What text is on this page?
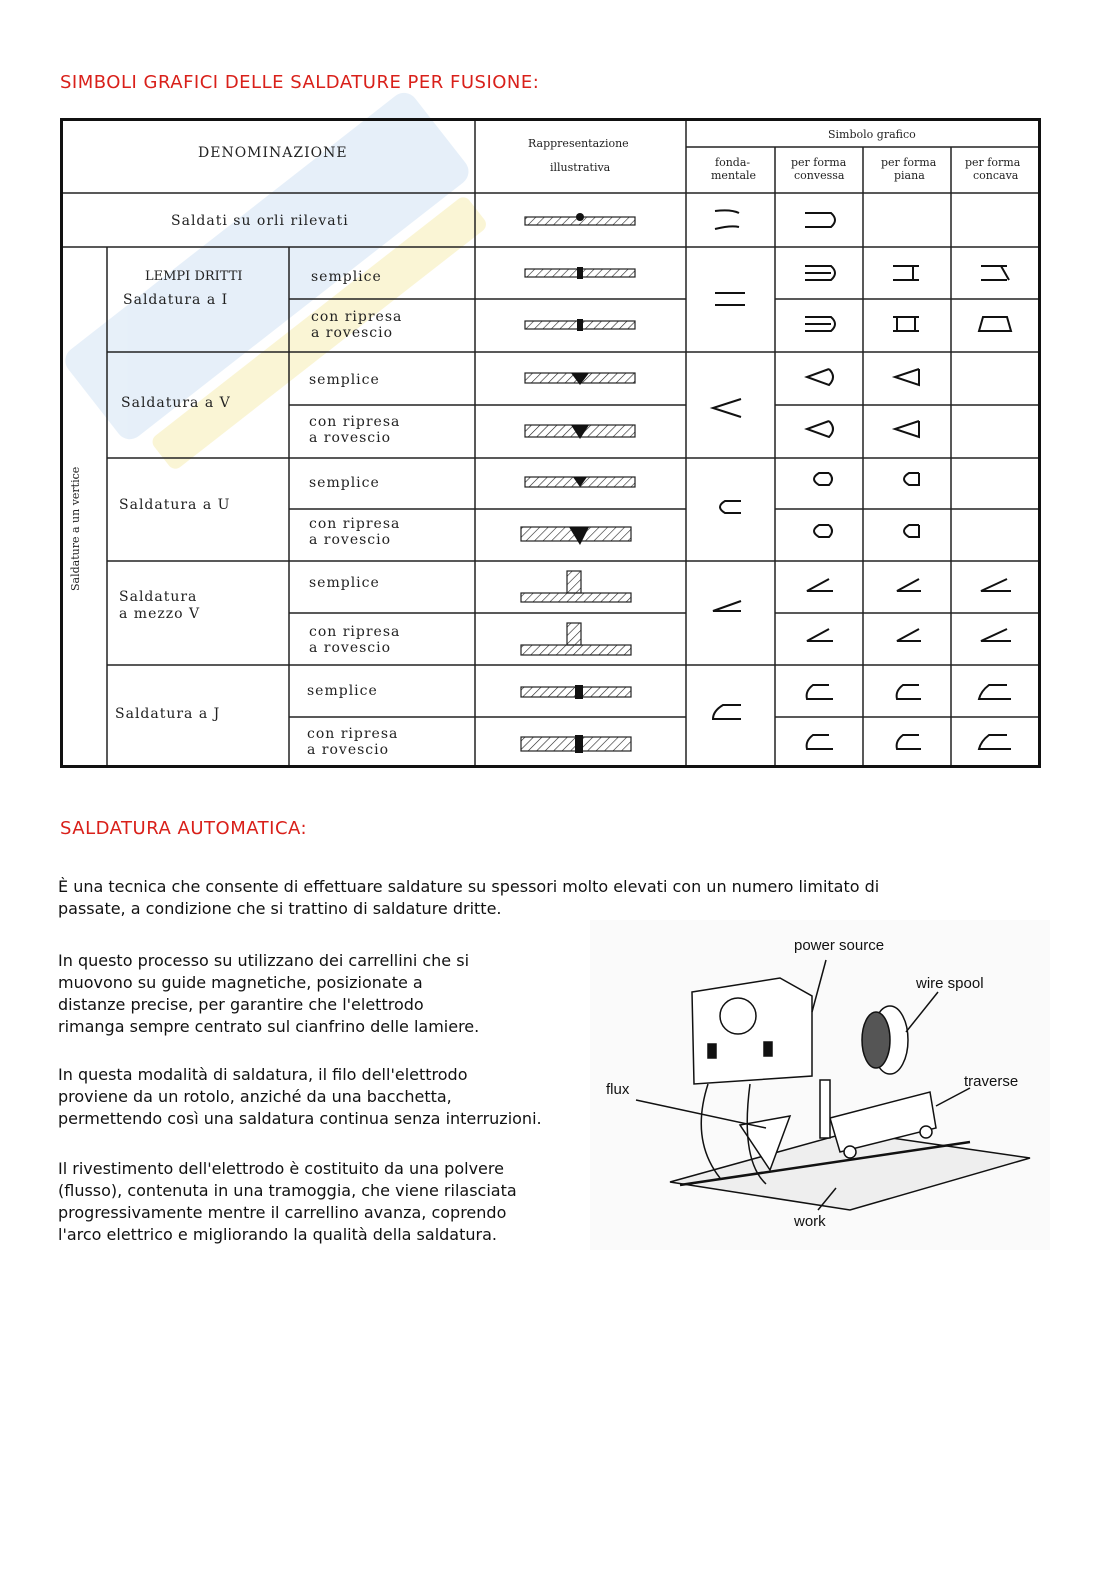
SIMBOLI GRAFICI DELLE SALDATURE PER FUSIONE:
DENOMINAZIONE
Rappresentazione
illustrativa
Simbolo grafico
fonda-
mentale
per forma
convessa
per forma
piana
per forma
concava
Saldature a un vertice
Saldati su orli rilevati
LEMPI DRITTI
Saldatura a I
semplice
con ripresa
a rovescio
Saldatura a V
semplice
con ripresa
a rovescio
Saldatura a U
semplice
con ripresa
a rovescio
Saldatura
a mezzo V
semplice
con ripresa
a rovescio
Saldatura a J
semplice
con ripresa
a rovescio
SALDATURA AUTOMATICA:
È una tecnica che consente di effettuare saldature su spessori molto elevati con un numero limitato di
passate, a condizione che si trattino di saldature dritte.
In questo processo su utilizzano dei carrellini che si
muovono su guide magnetiche, posizionate a
distanze precise, per garantire che l'elettrodo
rimanga sempre centrato sul cianfrino delle lamiere.
In questa modalità di saldatura, il filo dell'elettrodo
proviene da un rotolo, anziché da una bacchetta,
permettendo così una saldatura continua senza interruzioni.
Il rivestimento dell'elettrodo è costituito da una polvere
(flusso), contenuta in una tramoggia, che viene rilasciata
progressivamente mentre il carrellino avanza, coprendo
l'arco elettrico e migliorando la qualità della saldatura.
power source
wire spool
flux	traverse
work
